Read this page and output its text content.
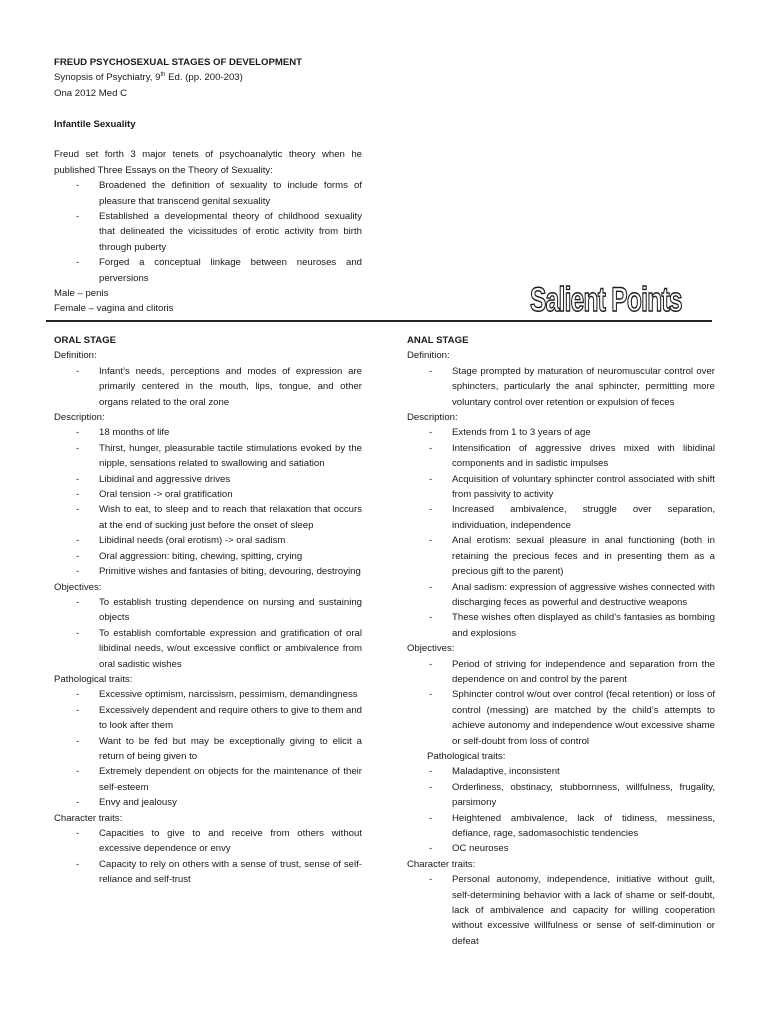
FREUD PSYCHOSEXUAL STAGES OF DEVELOPMENT
Synopsis of Psychiatry, 9th Ed. (pp. 200-203)
Ona 2012 Med C
Infantile Sexuality
Freud set forth 3 major tenets of psychoanalytic theory when he published Three Essays on the Theory of Sexuality:
- Broadened the definition of sexuality to include forms of pleasure that transcend genital sexuality
- Established a developmental theory of childhood sexuality that delineated the vicissitudes of erotic activity from birth through puberty
- Forged a conceptual linkage between neuroses and perversions
Male – penis
Female – vagina and clitoris	Salient Points
ORAL STAGE
Definition:
- Infant’s needs, perceptions and modes of expression are primarily centered in the mouth, lips, tongue, and other organs related to the oral zone
Description:
- 18 months of life
- Thirst, hunger, pleasurable tactile stimulations evoked by the nipple, sensations related to swallowing and satiation
- Libidinal and aggressive drives
- Oral tension -> oral gratification
- Wish to eat, to sleep and to reach that relaxation that occurs at the end of sucking just before the onset of sleep
- Libidinal needs (oral erotism) -> oral sadism
- Oral aggression: biting, chewing, spitting, crying
- Primitive wishes and fantasies of biting, devouring, destroying
Objectives:
- To establish trusting dependence on nursing and sustaining objects
- To establish comfortable expression and gratification of oral libidinal needs, w/out excessive conflict or ambivalence from oral sadistic wishes
Pathological traits:
- Excessive optimism, narcissism, pessimism, demandingness
- Excessively dependent and require others to give to them and to look after them
- Want to be fed but may be exceptionally giving to elicit a return of being given to
- Extremely dependent on objects for the maintenance of their self-esteem
- Envy and jealousy
Character traits:
- Capacities to give to and receive from others without excessive dependence or envy
- Capacity to rely on others with a sense of trust, sense of self-reliance and self-trust
ANAL STAGE
Definition:
- Stage prompted by maturation of neuromuscular control over sphincters, particularly the anal sphincter, permitting more voluntary control over retention or expulsion of feces
Description:
- Extends from 1 to 3 years of age
- Intensification of aggressive drives mixed with libidinal components and in sadistic impulses
- Acquisition of voluntary sphincter control associated with shift from passivity to activity
- Increased ambivalence, struggle over separation, individuation, independence
- Anal erotism: sexual pleasure in anal functioning (both in retaining the precious feces and in presenting them as a precious gift to the parent)
- Anal sadism: expression of aggressive wishes connected with discharging feces as powerful and destructive weapons
- These wishes often displayed as child’s fantasies as bombing and explosions
Objectives:
- Period of striving for independence and separation from the dependence on and control by the parent
- Sphincter control w/out over control (fecal retention) or loss of control (messing) are matched by the child’s attempts to achieve autonomy and independence w/out excessive shame or self-doubt from loss of control
Pathological traits:
- Maladaptive, inconsistent
- Orderliness, obstinacy, stubbornness, willfulness, frugality, parsimony
- Heightened ambivalence, lack of tidiness, messiness, defiance, rage, sadomasochistic tendencies
- OC neuroses
Character traits:
- Personal autonomy, independence, initiative without guilt, self-determining behavior with a lack of shame or self-doubt, lack of ambivalence and capacity for willing cooperation without excessive willfulness or sense of self-diminution or defeat
